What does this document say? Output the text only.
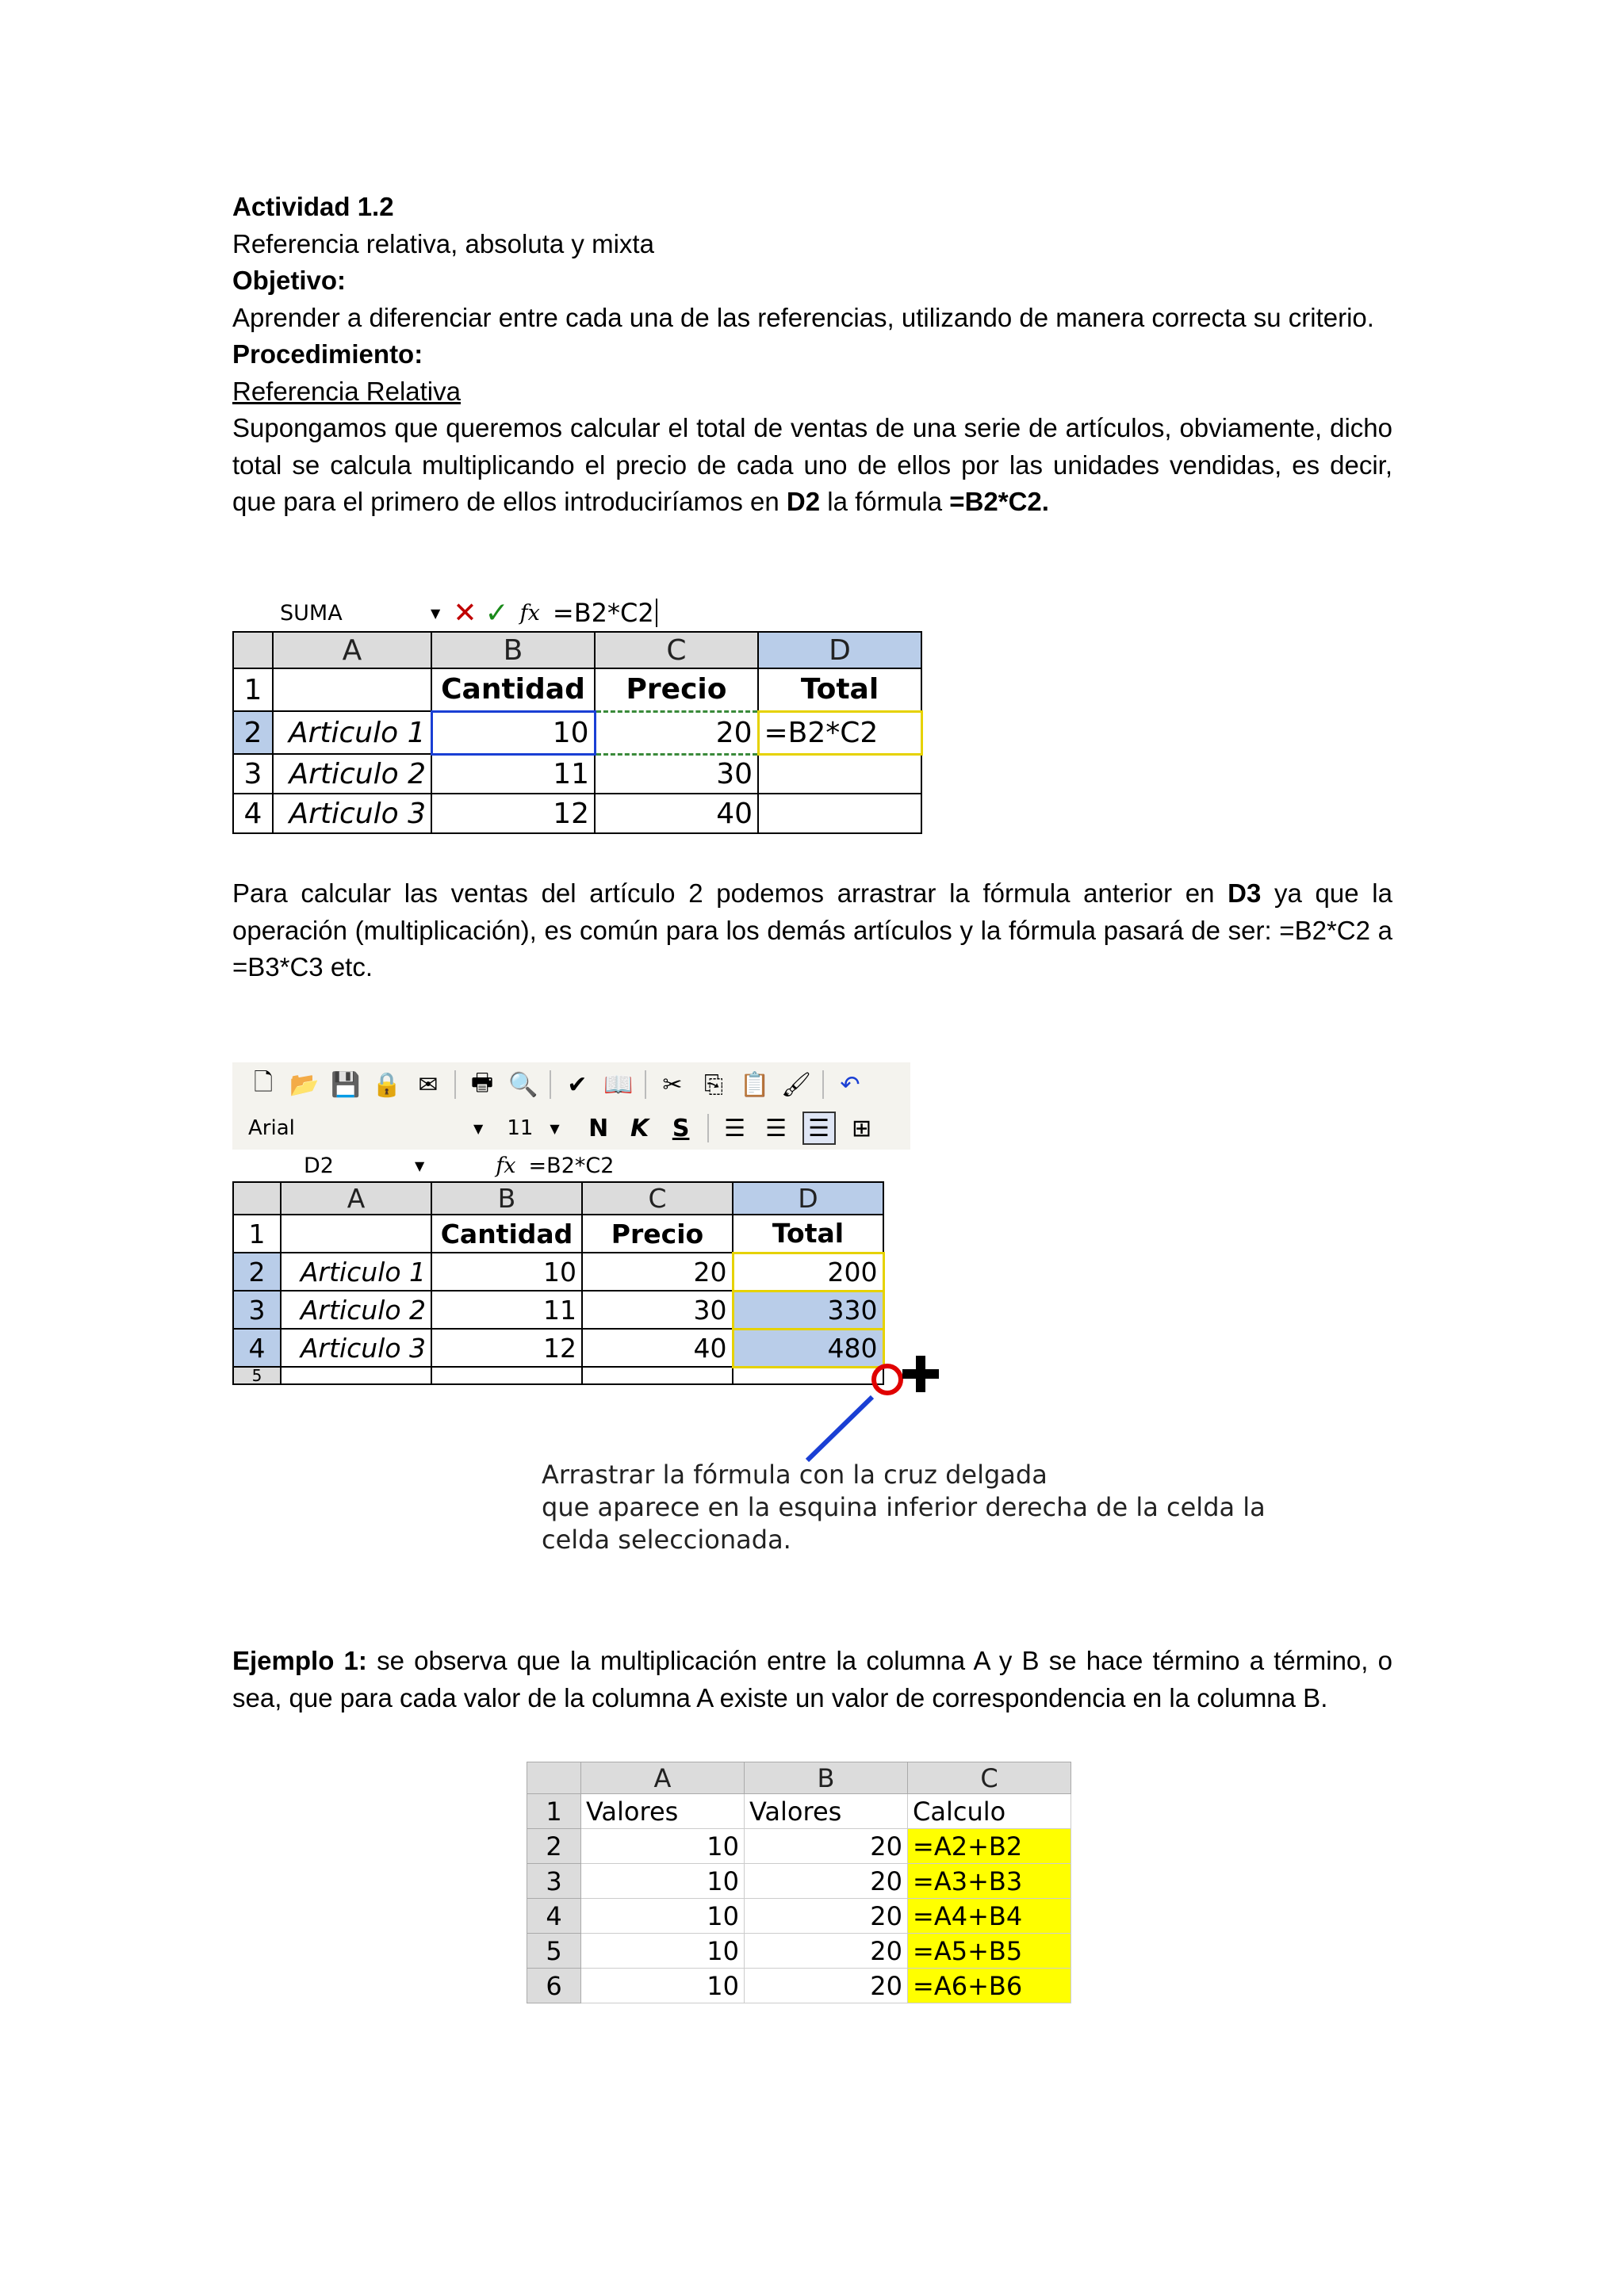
Actividad 1.2

Referencia relativa, absoluta y mixta

Objetivo:

Aprender a diferenciar entre cada una de las referencias, utilizando de manera correcta su criterio.

Procedimiento:

Referencia Relativa

Supongamos que queremos calcular el total de ventas de una serie de artículos, obviamente, dicho total se calcula multiplicando el precio de cada uno de ellos por las unidades vendidas, es decir, que para el primero de ellos introduciríamos en D2 la fórmula =B2*C2.

SUMA	▼ ✕ ✓ fx =B2*C2
	A	B	C	D
1		Cantidad	Precio	Total
2	Articulo 1	10	20	=B2*C2
3	Articulo 2	11	30	
4	Articulo 3	12	40	

Para calcular las ventas del artículo 2 podemos arrastrar la fórmula anterior en D3 ya que la operación (multiplicación), es común para los demás artículos y la fórmula pasará de ser: =B2*C2 a =B3*C3 etc.

🗋 📂 💾 🔒 ✉ 🖶 🔍 ✔ 📖 ✂ ⎘ 📋 🖌 ↶
Arial	▼ 11	▼ N K S ☰ ☰ ☰ ⊞
D2	▼	fx =B2*C2
	A	B	C	D
1		Cantidad	Precio	Total
2	Articulo 1	10	20	200
3	Articulo 2	11	30	330
4	Articulo 3	12	40	480
5				
Arrastrar la fórmula con la cruz delgada
que aparece en la esquina inferior derecha de la celda la
celda seleccionada.

Ejemplo 1: se observa que la multiplicación entre la columna A y B se hace término a término, o sea, que para cada valor de la columna A existe un valor de correspondencia en la columna B.

	A	B	C
1	Valores	Valores	Calculo
2	10	20	=A2+B2
3	10	20	=A3+B3
4	10	20	=A4+B4
5	10	20	=A5+B5
6	10	20	=A6+B6
